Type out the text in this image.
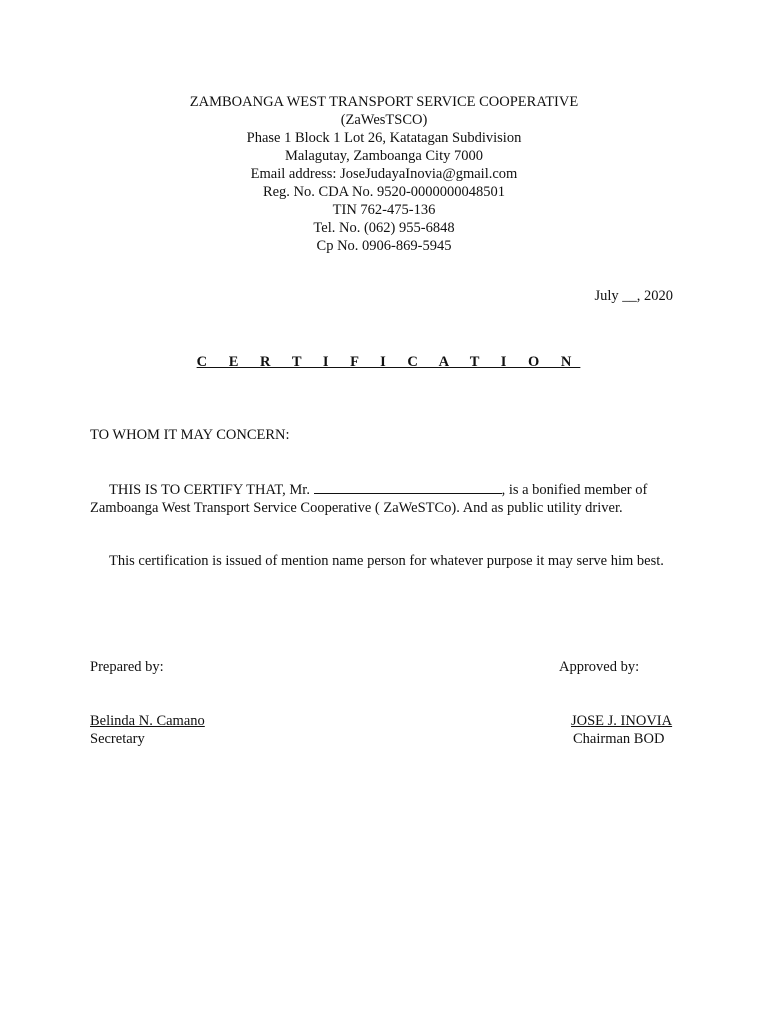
ZAMBOANGA WEST TRANSPORT SERVICE COOPERATIVE
(ZaWesTSCO)
Phase 1 Block 1 Lot 26, Katatagan Subdivision
Malagutay, Zamboanga City 7000
Email address: JoseJudayaInovia@gmail.com
Reg. No. CDA No. 9520-0000000048501
TIN 762-475-136
Tel. No. (062) 955-6848
Cp No. 0906-869-5945
July __, 2020
C E R T I F I C A T I O N
TO WHOM IT MAY CONCERN:
THIS IS TO CERTIFY THAT, Mr.	, is a bonified member of Zamboanga West Transport Service Cooperative ( ZaWeSTCo). And as public utility driver.
This certification is issued of mention name person for whatever purpose it may serve him best.
Prepared by:	Approved by:
Belinda N. Camano	JOSE J. INOVIA
Secretary	Chairman BOD
